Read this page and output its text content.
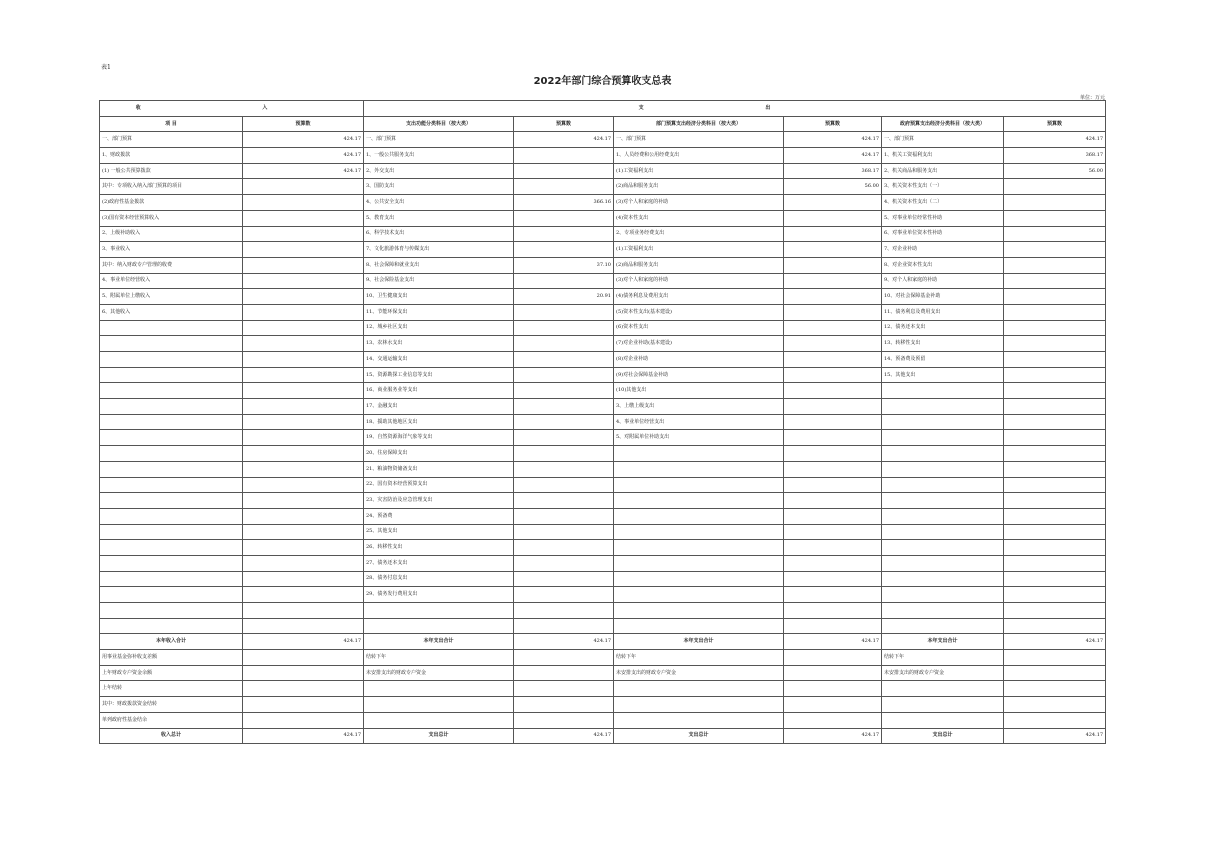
表1
2022年部门综合预算收支总表
单位：万元
收 入		支 出					
项 目	预算数	支出功能分类科目（按大类）	预算数	部门预算支出经济分类科目（按大类）	预算数	政府预算支出经济分类科目（按大类）	预算数
一、部门预算	424.17	一、部门预算	424.17	一、部门预算	424.17	一、部门预算	424.17
1、财政拨款	424.17	1、一般公共服务支出		1、人员经费和公用经费支出	424.17	1、机关工资福利支出	368.17
(1) 一般公共预算拨款	424.17	2、外交支出		(1)工资福利支出	368.17	2、机关商品和服务支出	56.00
其中：专项收入纳入部门预算的项目		3、国防支出		(2)商品和服务支出	56.00	3、机关资本性支出（一）	
(2)政府性基金拨款		4、公共安全支出	366.16	(3)对个人和家庭的补助		4、机关资本性支出（二）	
(3)国有资本经营预算收入		5、教育支出		(4)资本性支出		5、对事业单位经常性补助	
2、上级补助收入		6、科学技术支出		2、专项业务经费支出		6、对事业单位资本性补助	
3、事业收入		7、文化旅游体育与传媒支出		(1)工资福利支出		7、对企业补助	
其中：纳入财政专户管理的收费		8、社会保障和就业支出	37.10	(2)商品和服务支出		8、对企业资本性支出	
4、事业单位经营收入		9、社会保险基金支出		(3)对个人和家庭的补助		9、对个人和家庭的补助	
5、附属单位上缴收入		10、卫生健康支出	20.91	(4)债务利息及费用支出		10、对社会保障基金补助	
6、其他收入		11、节能环保支出		(5)资本性支出(基本建设)		11、债务利息及费用支出	
		12、城乡社区支出		(6)资本性支出		12、债务还本支出	
		13、农林水支出		(7)对企业补助(基本建设)		13、转移性支出	
		14、交通运输支出		(8)对企业补助		14、预备费及预留	
		15、资源勘探工业信息等支出		(9)对社会保障基金补助		15、其他支出	
		16、商业服务业等支出		(10)其他支出			
		17、金融支出		3、上缴上级支出			
		18、援助其他地区支出		4、事业单位经营支出			
		19、自然资源海洋气象等支出		5、对附属单位补助支出			
		20、住房保障支出					
		21、粮油物资储备支出					
		22、国有资本经营预算支出					
		23、灾害防治及应急管理支出					
		24、预备费					
		25、其他支出					
		26、转移性支出					
		27、债务还本支出					
		28、债务付息支出					
		29、债务发行费用支出					

本年收入合计	424.17	本年支出合计	424.17	本年支出合计	424.17	本年支出合计	424.17
用事业基金弥补收支差额		结转下年		结转下年		结转下年	
上年财政专户资金余额		未安排支出的财政专户资金		未安排支出的财政专户资金		未安排支出的财政专户资金	
上年结转							
其中：财政拨款资金结转							
单列政府性基金结余							
收入总计	424.17	支出总计	424.17	支出总计	424.17	支出总计	424.17
